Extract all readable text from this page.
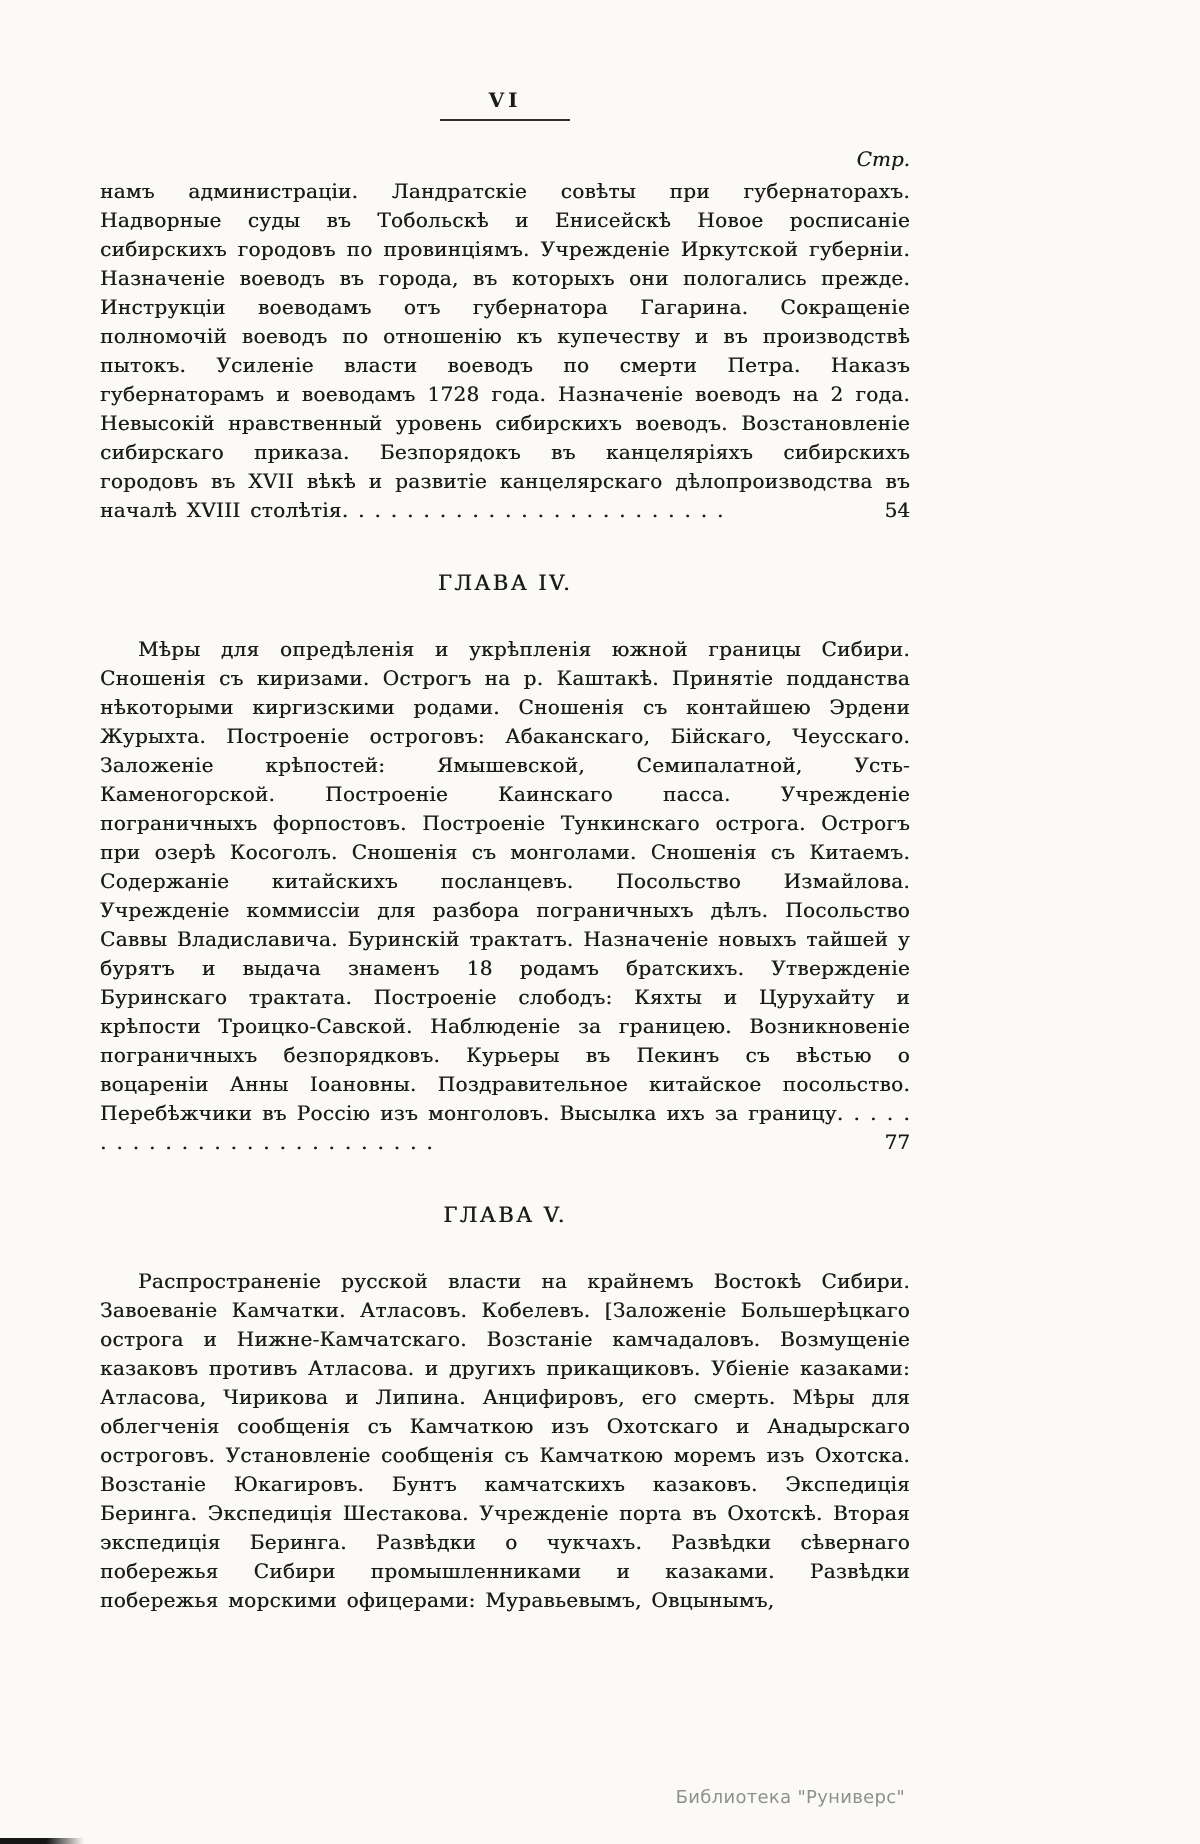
VI
Стр.

намъ администраціи. Ландратскіе совѣты при губернаторахъ. Надворные суды въ Тобольскѣ и Енисейскѣ Новое росписаніе сибирскихъ городовъ по провинціямъ. Учрежденіе Иркутской губерніи. Назначеніе воеводъ въ города, въ которыхъ они пологались прежде. Инструкціи воеводамъ отъ губернатора Гагарина. Сокращеніе полномочій воеводъ по отношенію къ купечеству и въ производствѣ пытокъ. Усиленіе власти воеводъ по смерти Петра. Наказъ губернаторамъ и воеводамъ 1728 года. Назначеніе воеводъ на 2 года. Невысокій нравственный уровень сибирскихъ воеводъ. Возстановленіе сибирскаго приказа. Безпорядокъ въ канцеляріяхъ сибирскихъ городовъ въ XVII вѣкѣ и развитіе канцелярскаго дѣлопроизводства въ началѣ XVIII столѣтія. . . . . . . . . . . . . . . . . . . . . . . .	54
ГЛАВА IV.

Мѣры для опредѣленія и укрѣпленія южной границы Сибири. Сношенія съ киризами. Острогъ на р. Каштакѣ. Принятіе подданства нѣкоторыми киргизскими родами. Сношенія съ контайшею Эрдени Журыхта. Построеніе остроговъ: Абаканскаго, Бійскаго, Чеусскаго. Заложеніе крѣпостей: Ямышевской, Семипалатной, Усть-Каменогорской. Построеніе Каинскаго пасса. Учрежденіе пограничныхъ форпостовъ. Построеніе Тункинскаго острога. Острогъ при озерѣ Косоголъ. Сношенія съ монголами. Сношенія съ Китаемъ. Содержаніе китайскихъ посланцевъ. Посольство Измайлова. Учрежденіе коммиссіи для разбора пограничныхъ дѣлъ. Посольство Саввы Владиславича. Буринскій трактатъ. Назначеніе новыхъ тайшей у бурятъ и выдача знаменъ 18 родамъ братскихъ. Утвержденіе Буринскаго трактата. Построеніе слободъ: Кяхты и Цурухайту и крѣпости Троицко-Савской. Наблюденіе за границею. Возникновеніе пограничныхъ безпорядковъ. Курьеры въ Пекинъ съ вѣстью о воцареніи Анны Іоановны. Поздравительное китайское посольство. Перебѣжчики въ Россію изъ монголовъ. Высылка ихъ за границу. . . . . . . . . . . . . . . . . . . . . . . . . .	77
ГЛАВА V.

Распространеніе русской власти на крайнемъ Востокѣ Сибири. Завоеваніе Камчатки. Атласовъ. Кобелевъ. [Заложеніе Большерѣцкаго острога и Нижне-Камчатскаго. Возстаніе камчадаловъ. Возмущеніе казаковъ противъ Атласова. и другихъ прикащиковъ. Убіеніе казаками: Атласова, Чирикова и Липина. Анцифировъ, его смерть. Мѣры для облегченія сообщенія съ Камчаткою изъ Охотскаго и Анадырскаго остроговъ. Установленіе сообщенія съ Камчаткою моремъ изъ Охотска. Возстаніе Юкагировъ. Бунтъ камчатскихъ казаковъ. Экспедиція Беринга. Экспедиція Шестакова. Учрежденіе порта въ Охотскѣ. Вторая экспедиція Беринга. Развѣдки о чукчахъ. Развѣдки сѣвернаго побережья Сибири промышленниками и казаками. Развѣдки побережья морскими офицерами: Муравьевымъ, Овцынымъ,

Библиотека "Руниверс"
